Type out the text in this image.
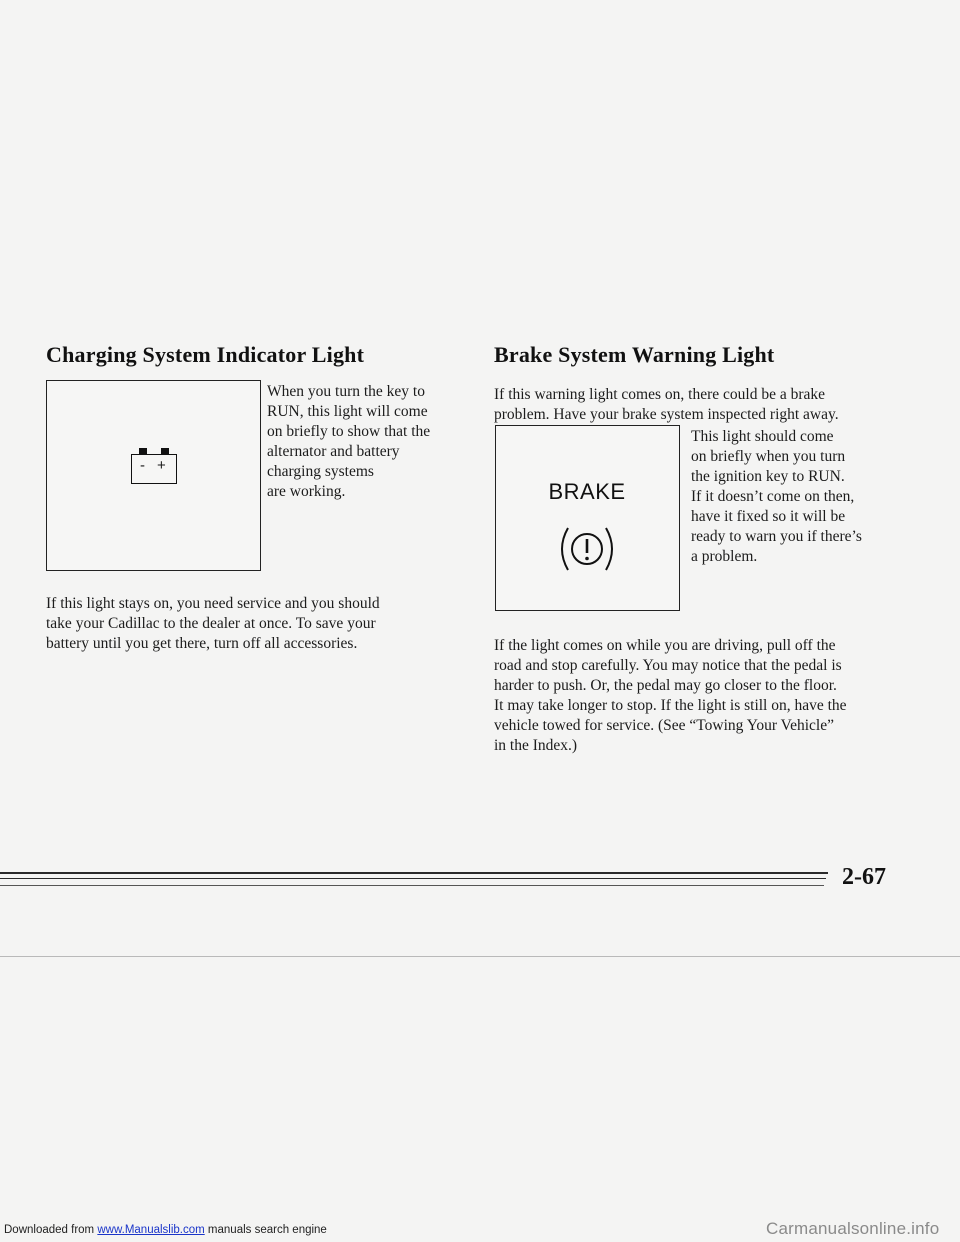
Charging System Indicator Light
- +
When you turn the key to
RUN, this light will come
on briefly to show that the
alternator and battery
charging systems
are working.
If this light stays on, you need service and you should
take your Cadillac to the dealer at once. To save your
battery until you get there, turn off all accessories.
Brake System Warning Light
If this warning light comes on, there could be a brake
problem. Have your brake system inspected right away.
BRAKE
This light should come
on briefly when you turn
the ignition key to RUN.
If it doesn’t come on then,
have it fixed so it will be
ready to warn you if there’s
a problem.
If the light comes on while you are driving, pull off the
road and stop carefully. You may notice that the pedal is
harder to push. Or, the pedal may go closer to the floor.
It may take longer to stop. If the light is still on, have the
vehicle towed for service. (See “Towing Your Vehicle”
in the Index.)
2-67
Downloaded from www.Manualslib.com manuals search engine	Carmanualsonline.info
